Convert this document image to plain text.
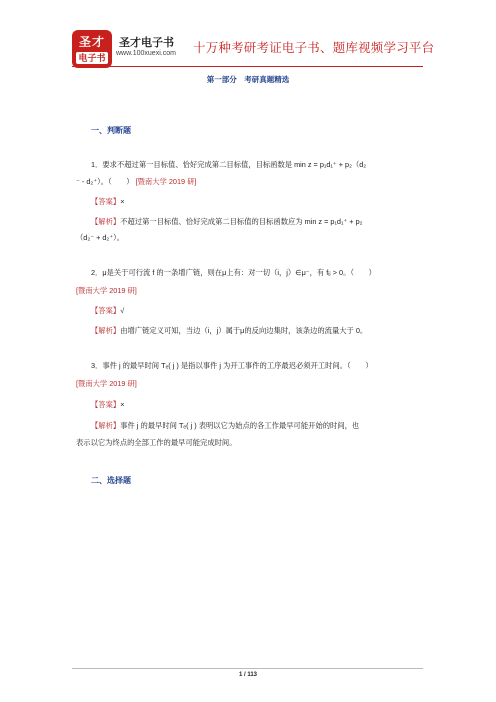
圣才
电子书
圣才电子书
www.100xuexi.com 十万种考研考证电子书、题库视频学习平台
第一部分　考研真题精选
一、判断题
1．要求不超过第一目标值、恰好完成第二目标值，目标函数是 min z = p₁d₁⁺ + p₂（d₂
⁻ - d₂⁺）。（　　） [暨南大学 2019 研]
【答案】×
【解析】不超过第一目标值、恰好完成第二目标值的目标函数应为 min z = p₁d₁⁺ + p₂
（d₂⁻ + d₂⁺）。
2．μ是关于可行流 f 的一条增广链，则在μ上有：对一切（i，j）∈μ⁻，有 fᵢⱼ > 0。（　　）
[暨南大学 2019 研]
【答案】√
【解析】由增广链定义可知，当边（i，j）属于μ的反向边集时，该条边的流量大于 0。
3．事件 j 的最早时间 Tₑ( j ) 是指以事件 j 为开工事件的工序最迟必须开工时间。（　　）
[暨南大学 2019 研]
【答案】×
【解析】事件 j 的最早时间 Tₑ( j ) 表明以它为始点的各工作最早可能开始的时间，也
表示以它为终点的全部工作的最早可能完成时间。
二、选择题
1 / 113
